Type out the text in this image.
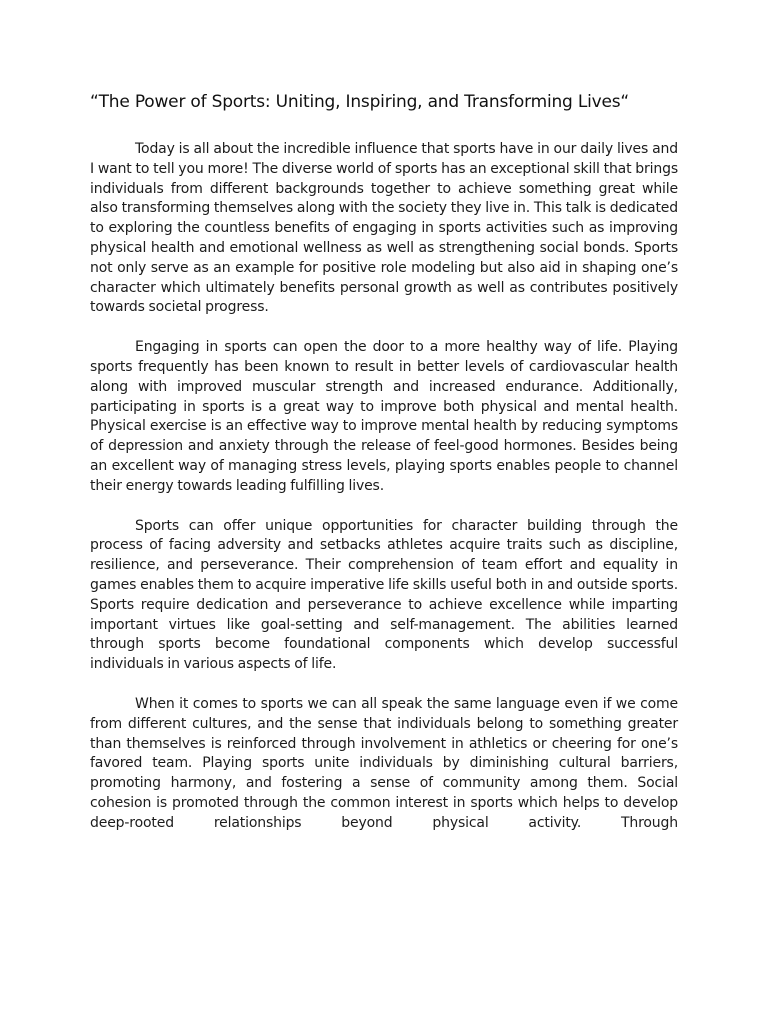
“The Power of Sports: Uniting, Inspiring, and Transforming Lives“

Today is all about the incredible influence that sports have in our daily lives and I want to tell you more! The diverse world of sports has an exceptional skill that brings individuals from different backgrounds together to achieve something great while also transforming themselves along with the society they live in. This talk is dedicated to exploring the countless benefits of engaging in sports activities such as improving physical health and emotional wellness as well as strengthening social bonds. Sports not only serve as an example for positive role modeling but also aid in shaping one’s character which ultimately benefits personal growth as well as contributes positively towards societal progress.

Engaging in sports can open the door to a more healthy way of life. Playing sports frequently has been known to result in better levels of cardiovascular health along with improved muscular strength and increased endurance. Additionally, participating in sports is a great way to improve both physical and mental health. Physical exercise is an effective way to improve mental health by reducing symptoms of depression and anxiety through the release of feel-good hormones. Besides being an excellent way of managing stress levels, playing sports enables people to channel their energy towards leading fulfilling lives.

Sports can offer unique opportunities for character building through the process of facing adversity and setbacks athletes acquire traits such as discipline, resilience, and perseverance. Their comprehension of team effort and equality in games enables them to acquire imperative life skills useful both in and outside sports. Sports require dedication and perseverance to achieve excellence while imparting important virtues like goal-setting and self-management. The abilities learned through sports become foundational components which develop successful individuals in various aspects of life.

When it comes to sports we can all speak the same language even if we come from different cultures, and the sense that individuals belong to something greater than themselves is reinforced through involvement in athletics or cheering for one’s favored team. Playing sports unite individuals by diminishing cultural barriers, promoting harmony, and fostering a sense of community among them. Social cohesion is promoted through the common interest in sports which helps to develop deep-rooted relationships beyond physical activity. Through
